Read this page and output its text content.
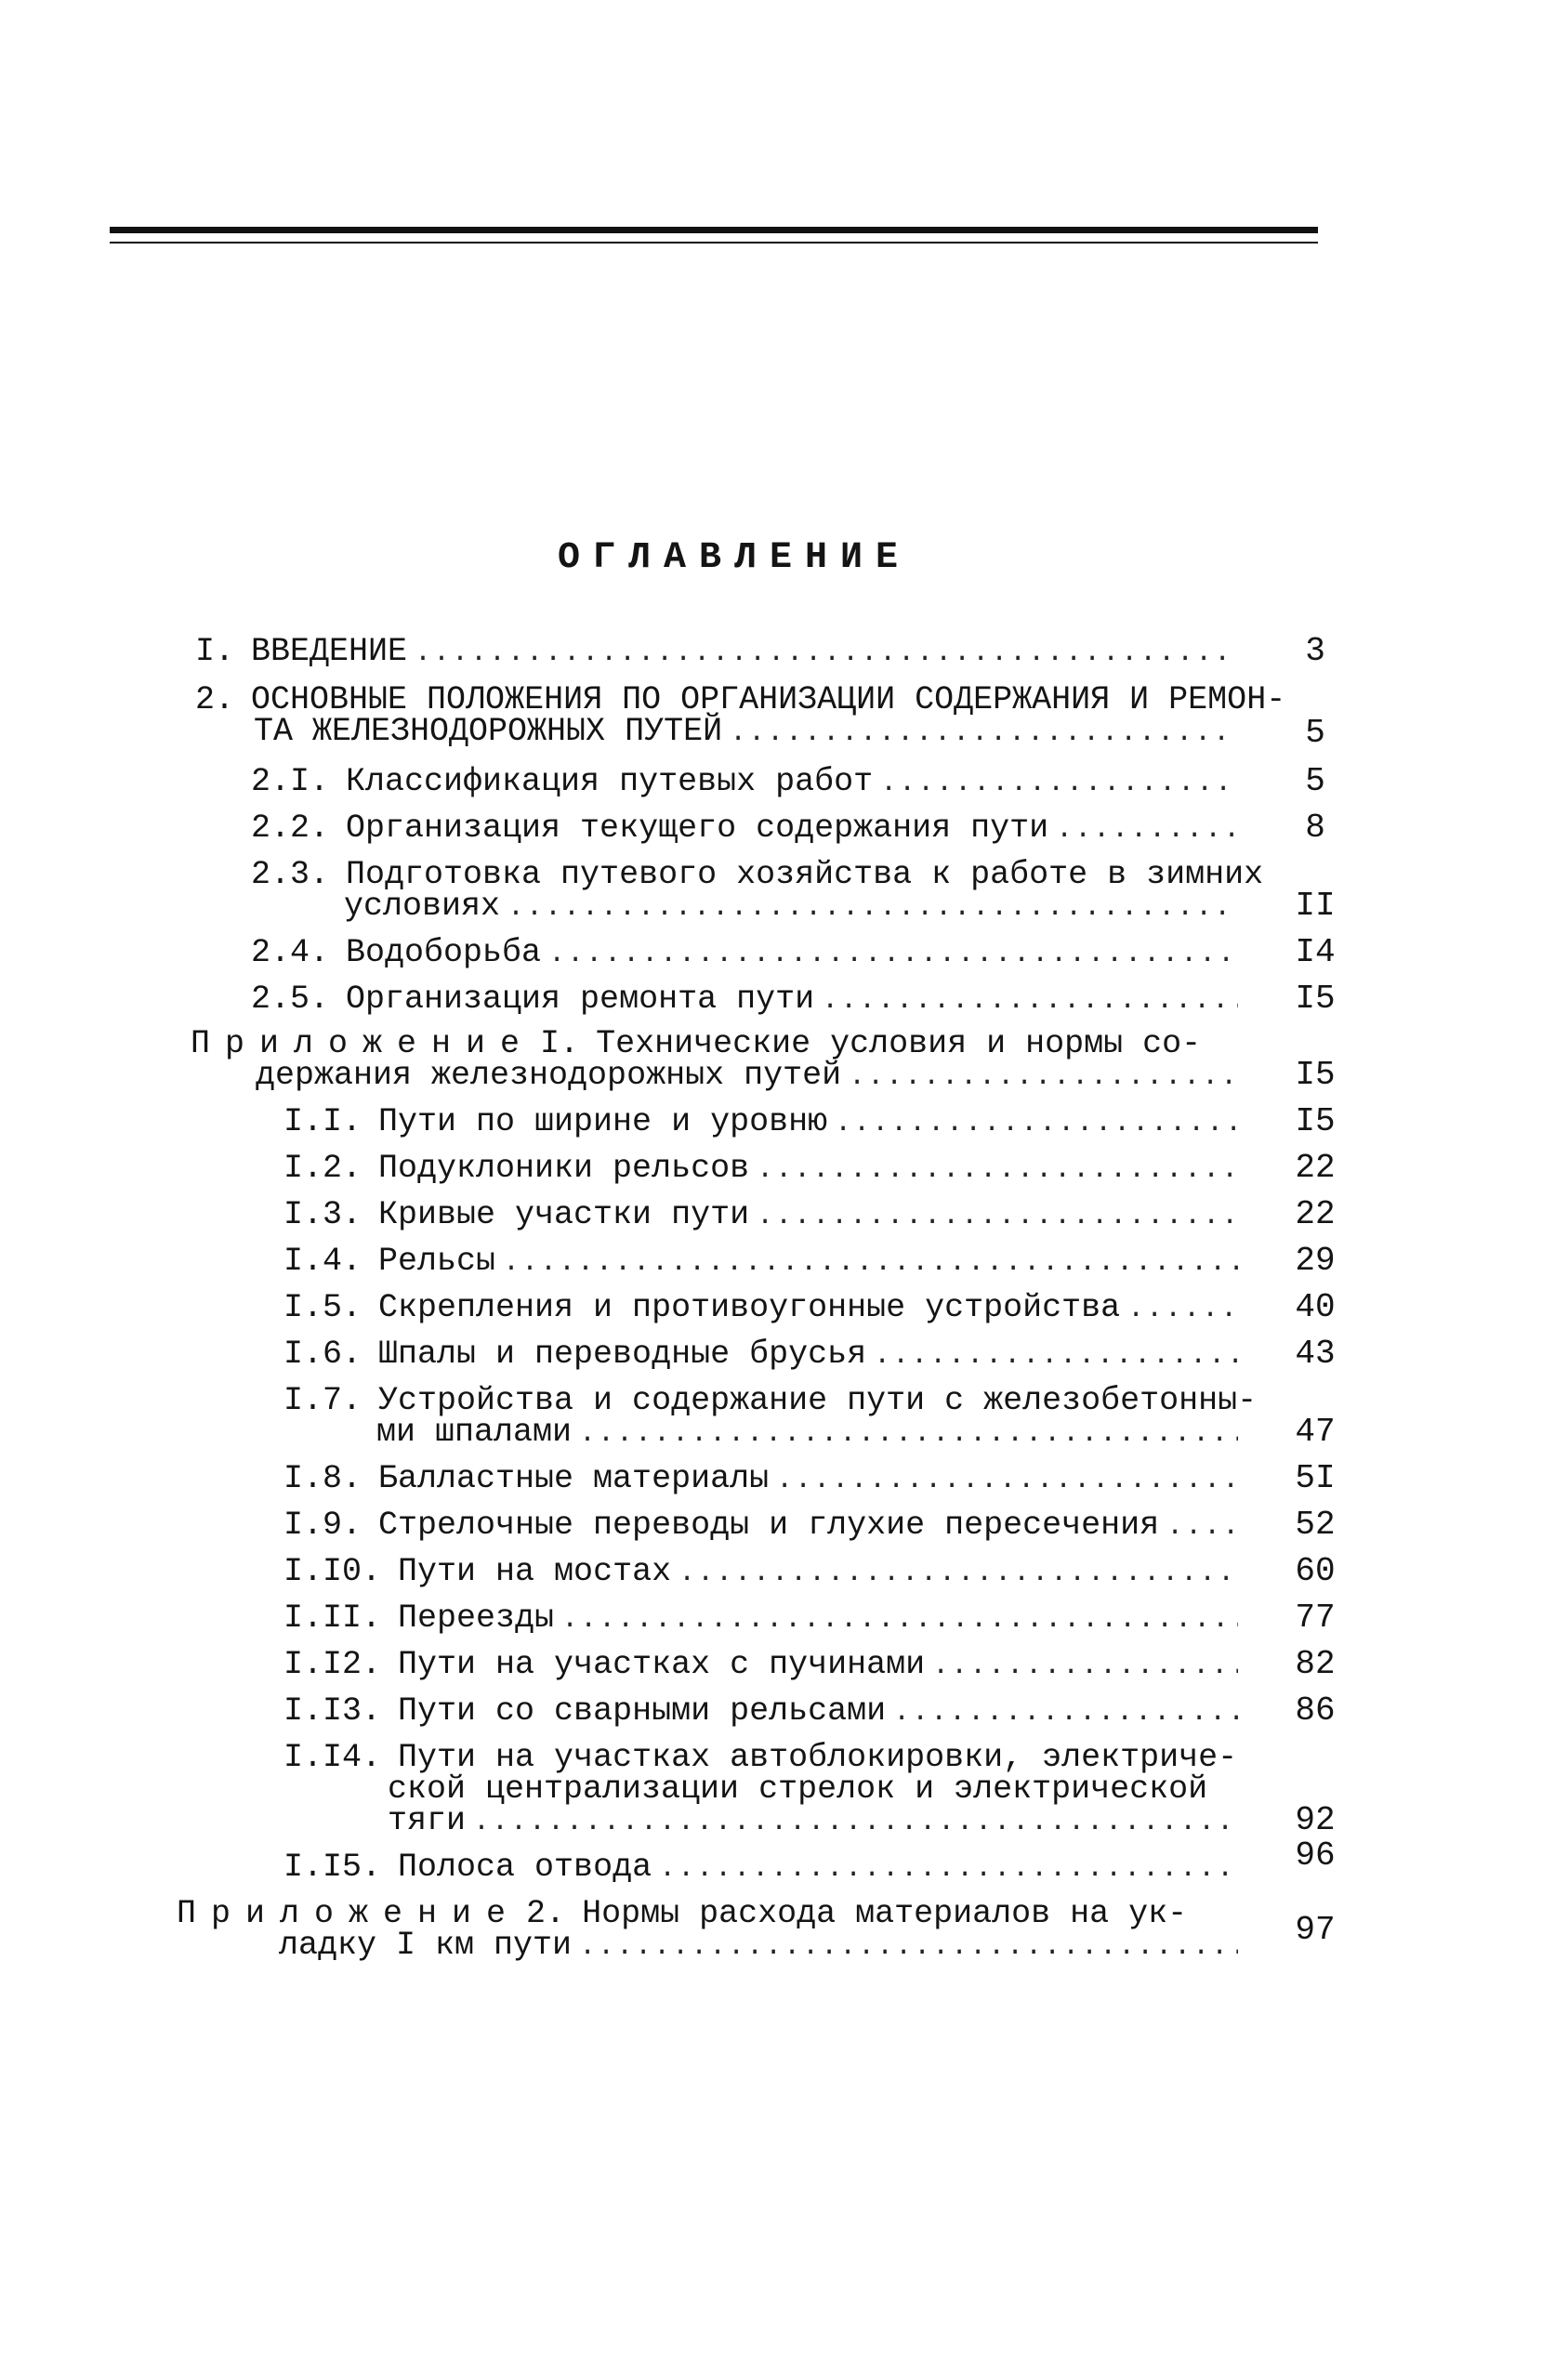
ОГЛАВЛЕНИЕ
I. ВВЕДЕНИЕ .....	3
2. ОСНОВНЫЕ ПОЛОЖЕНИЯ ПО ОРГАНИЗАЦИИ СОДЕРЖАНИЯ И РЕМОН-
ТА ЖЕЛЕЗНОДОРОЖНЫХ ПУТЕЙ .....	5
2.I. Классификация путевых работ .....	5
2.2. Организация текущего содержания пути .....	8
2.3. Подготовка путевого хозяйства к работе в зимних
условиях .....	II
2.4. Водоборьба .....	I4
2.5. Организация ремонта пути .....	I5
Приложение I. Технические условия и нормы со-
держания железнодорожных путей .....	I5
I.I. Пути по ширине и уровню .....	I5
I.2. Подуклоники рельсов .....	22
I.3. Кривые участки пути .....	22
I.4. Рельсы .....	29
I.5. Скрепления и противоугонные устройства .....	40
I.6. Шпалы и переводные брусья .....	43
I.7. Устройства и содержание пути с железобетонны-
ми шпалами .....	47
I.8. Балластные материалы .....	5I
I.9. Стрелочные переводы и глухие пересечения .....	52
I.I0. Пути на мостах .....	60
I.II. Переезды .....	77
I.I2. Пути на участках с пучинами .....	82
I.I3. Пути со сварными рельсами .....	86
I.I4. Пути на участках автоблокировки, электриче-
ской централизации стрелок и электрической
тяги .....	92
I.I5. Полоса отвода .....	96
Приложение 2. Нормы расхода материалов на ук-
ладку I км пути .....	97
